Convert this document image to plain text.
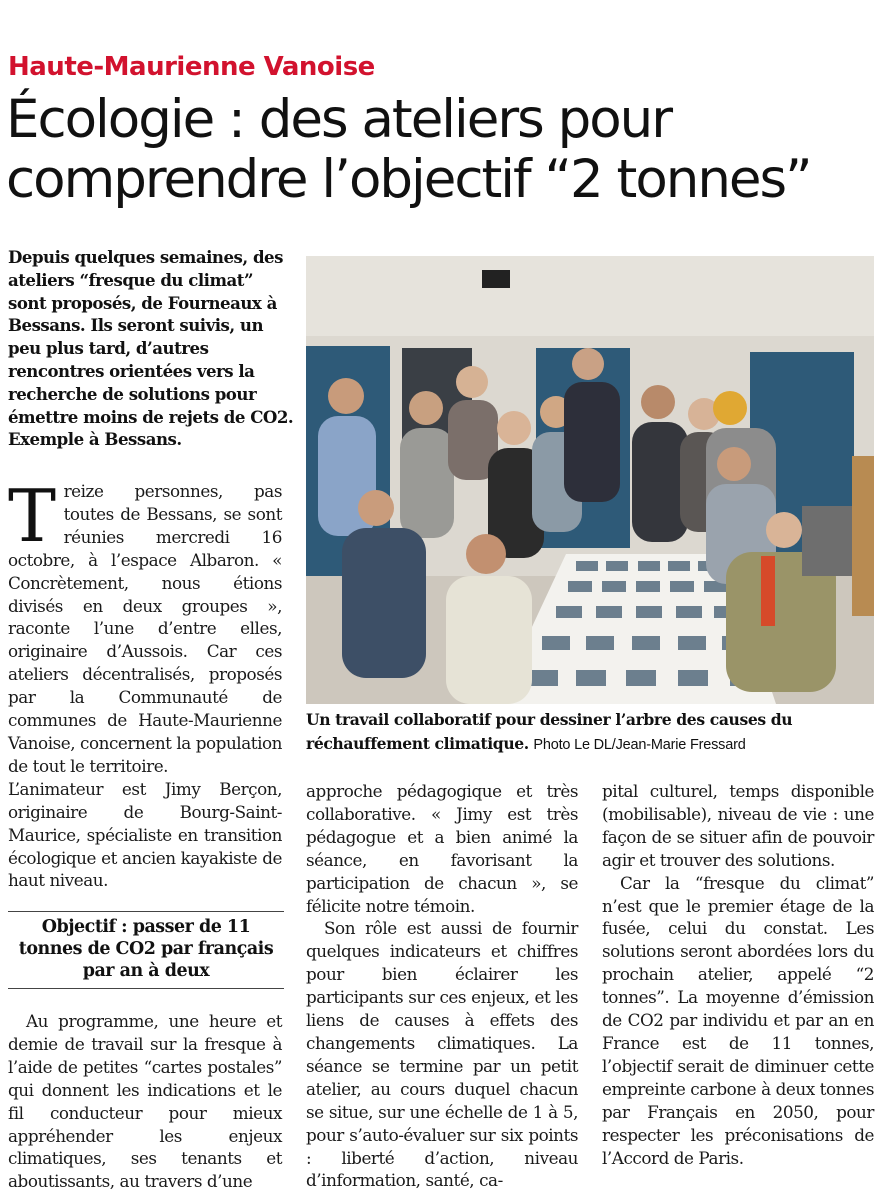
Haute-Maurienne Vanoise
Écologie : des ateliers pour
comprendre l’objectif “2 tonnes”
Depuis quelques semaines, des ateliers “fresque du climat” sont proposés, de Fourneaux à Bessans. Ils seront suivis, un peu plus tard, d’autres rencontres orientées vers la recherche de solutions pour émettre moins de rejets de CO2. Exemple à Bessans.
Un travail collaboratif pour dessiner l’arbre des causes du réchauffement climatique. Photo Le DL/Jean-Marie Fressard

Treize personnes, pas toutes de Bessans, se sont réunies mercredi 16 octobre, à l’espace Albaron. « Concrètement, nous étions divisés en deux groupes », raconte l’une d’entre elles, originaire d’Aussois. Car ces ateliers décentralisés, proposés par la Communauté de communes de Haute-Maurienne Vanoise, concernent la population de tout le territoire.

L’animateur est Jimy Berçon, originaire de Bourg-Saint-Maurice, spécialiste en transition écologique et ancien kayakiste de haut niveau.

Objectif : passer de 11 tonnes de CO2 par français par an à deux

Au programme, une heure et demie de travail sur la fresque à l’aide de petites “cartes postales” qui donnent les indications et le fil conducteur pour mieux appréhender les enjeux climatiques, ses tenants et aboutissants, au travers d’une

approche pédagogique et très collaborative. « Jimy est très pédagogue et a bien animé la séance, en favorisant la participation de chacun », se félicite notre témoin.

Son rôle est aussi de fournir quelques indicateurs et chiffres pour bien éclairer les participants sur ces enjeux, et les liens de causes à effets des changements climatiques. La séance se termine par un petit atelier, au cours duquel chacun se situe, sur une échelle de 1 à 5, pour s’auto-évaluer sur six points : liberté d’action, niveau d’information, santé, ca-

pital culturel, temps disponible (mobilisable), niveau de vie : une façon de se situer afin de pouvoir agir et trouver des solutions.

Car la “fresque du climat” n’est que le premier étage de la fusée, celui du constat. Les solutions seront abordées lors du prochain atelier, appelé “2 tonnes”. La moyenne d’émission de CO2 par individu et par an en France est de 11 tonnes, l’objectif serait de diminuer cette empreinte carbone à deux tonnes par Français en 2050, pour respecter les préconisations de l’Accord de Paris.
